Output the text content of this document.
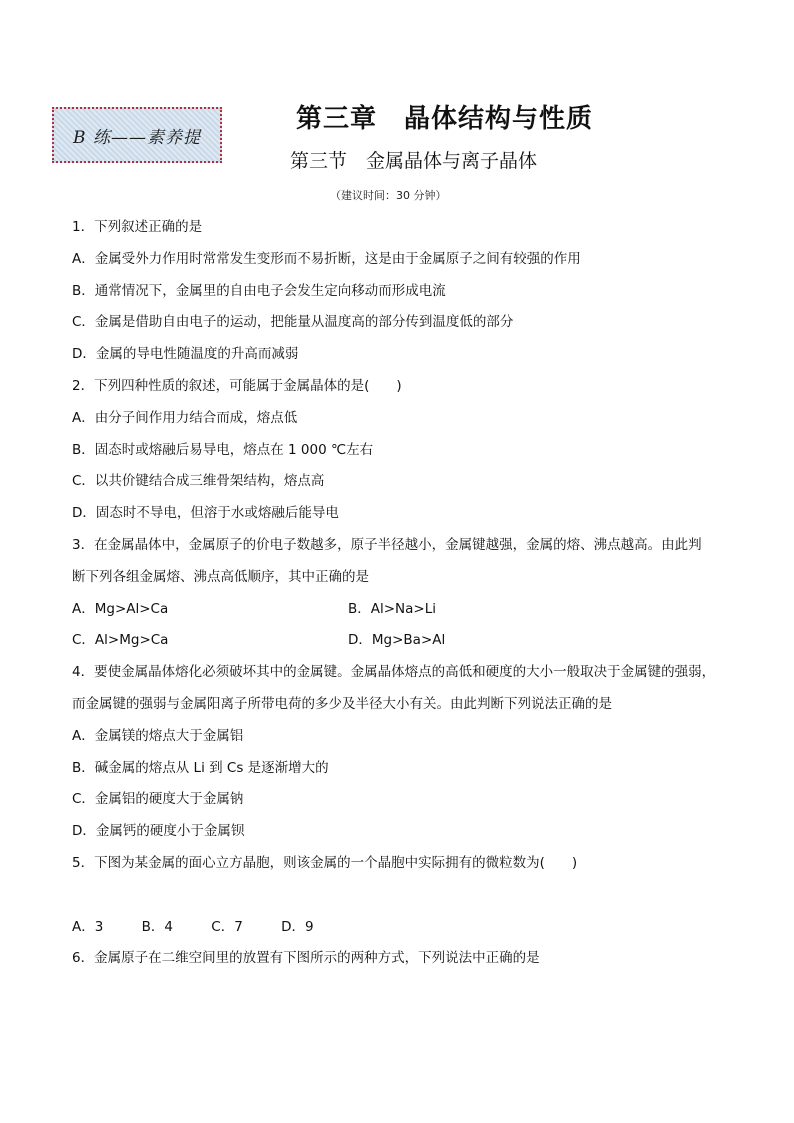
B 练——素养提
第三章　晶体结构与性质
第三节　金属晶体与离子晶体
（建议时间：30 分钟）
1．下列叙述正确的是
A．金属受外力作用时常常发生变形而不易折断，这是由于金属原子之间有较强的作用
B．通常情况下，金属里的自由电子会发生定向移动而形成电流
C．金属是借助自由电子的运动，把能量从温度高的部分传到温度低的部分
D．金属的导电性随温度的升高而减弱
2．下列四种性质的叙述，可能属于金属晶体的是(　　)
A．由分子间作用力结合而成，熔点低
B．固态时或熔融后易导电，熔点在 1 000 ℃左右
C．以共价键结合成三维骨架结构，熔点高
D．固态时不导电，但溶于水或熔融后能导电
3．在金属晶体中，金属原子的价电子数越多，原子半径越小，金属键越强，金属的熔、沸点越高。由此判
断下列各组金属熔、沸点高低顺序，其中正确的是
A．Mg>Al>Ca	B．Al>Na>Li
C．Al>Mg>Ca	D．Mg>Ba>Al
4．要使金属晶体熔化必须破坏其中的金属键。金属晶体熔点的高低和硬度的大小一般取决于金属键的强弱，
而金属键的强弱与金属阳离子所带电荷的多少及半径大小有关。由此判断下列说法正确的是
A．金属镁的熔点大于金属铝
B．碱金属的熔点从 Li 到 Cs 是逐渐增大的
C．金属铝的硬度大于金属钠
D．金属钙的硬度小于金属钡
5．下图为某金属的面心立方晶胞，则该金属的一个晶胞中实际拥有的微粒数为(　　)
A．3	B．4	C．7	D．9
6．金属原子在二维空间里的放置有下图所示的两种方式，下列说法中正确的是
